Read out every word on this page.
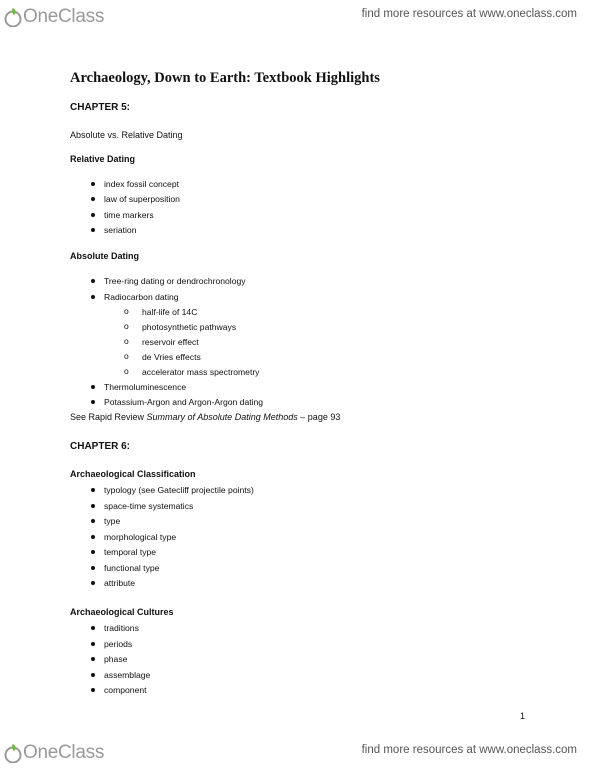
OneClass	find more resources at www.oneclass.com
Archaeology, Down to Earth: Textbook Highlights
CHAPTER 5:
Absolute vs. Relative Dating
Relative Dating
index fossil concept
law of superposition
time markers
seriation
Absolute Dating
Tree-ring dating or dendrochronology
Radiocarbon dating
o half-life of 14C
o photosynthetic pathways
o reservoir effect
o de Vries effects
o accelerator mass spectrometry
Thermoluminescence
Potassium-Argon and Argon-Argon dating
See Rapid Review Summary of Absolute Dating Methods – page 93
CHAPTER 6:
Archaeological Classification
typology (see Gatecliff projectile points)
space-time systematics
type
morphological type
temporal type
functional type
attribute
Archaeological Cultures
traditions
periods
phase
assemblage
component
1
OneClass	find more resources at www.oneclass.com
